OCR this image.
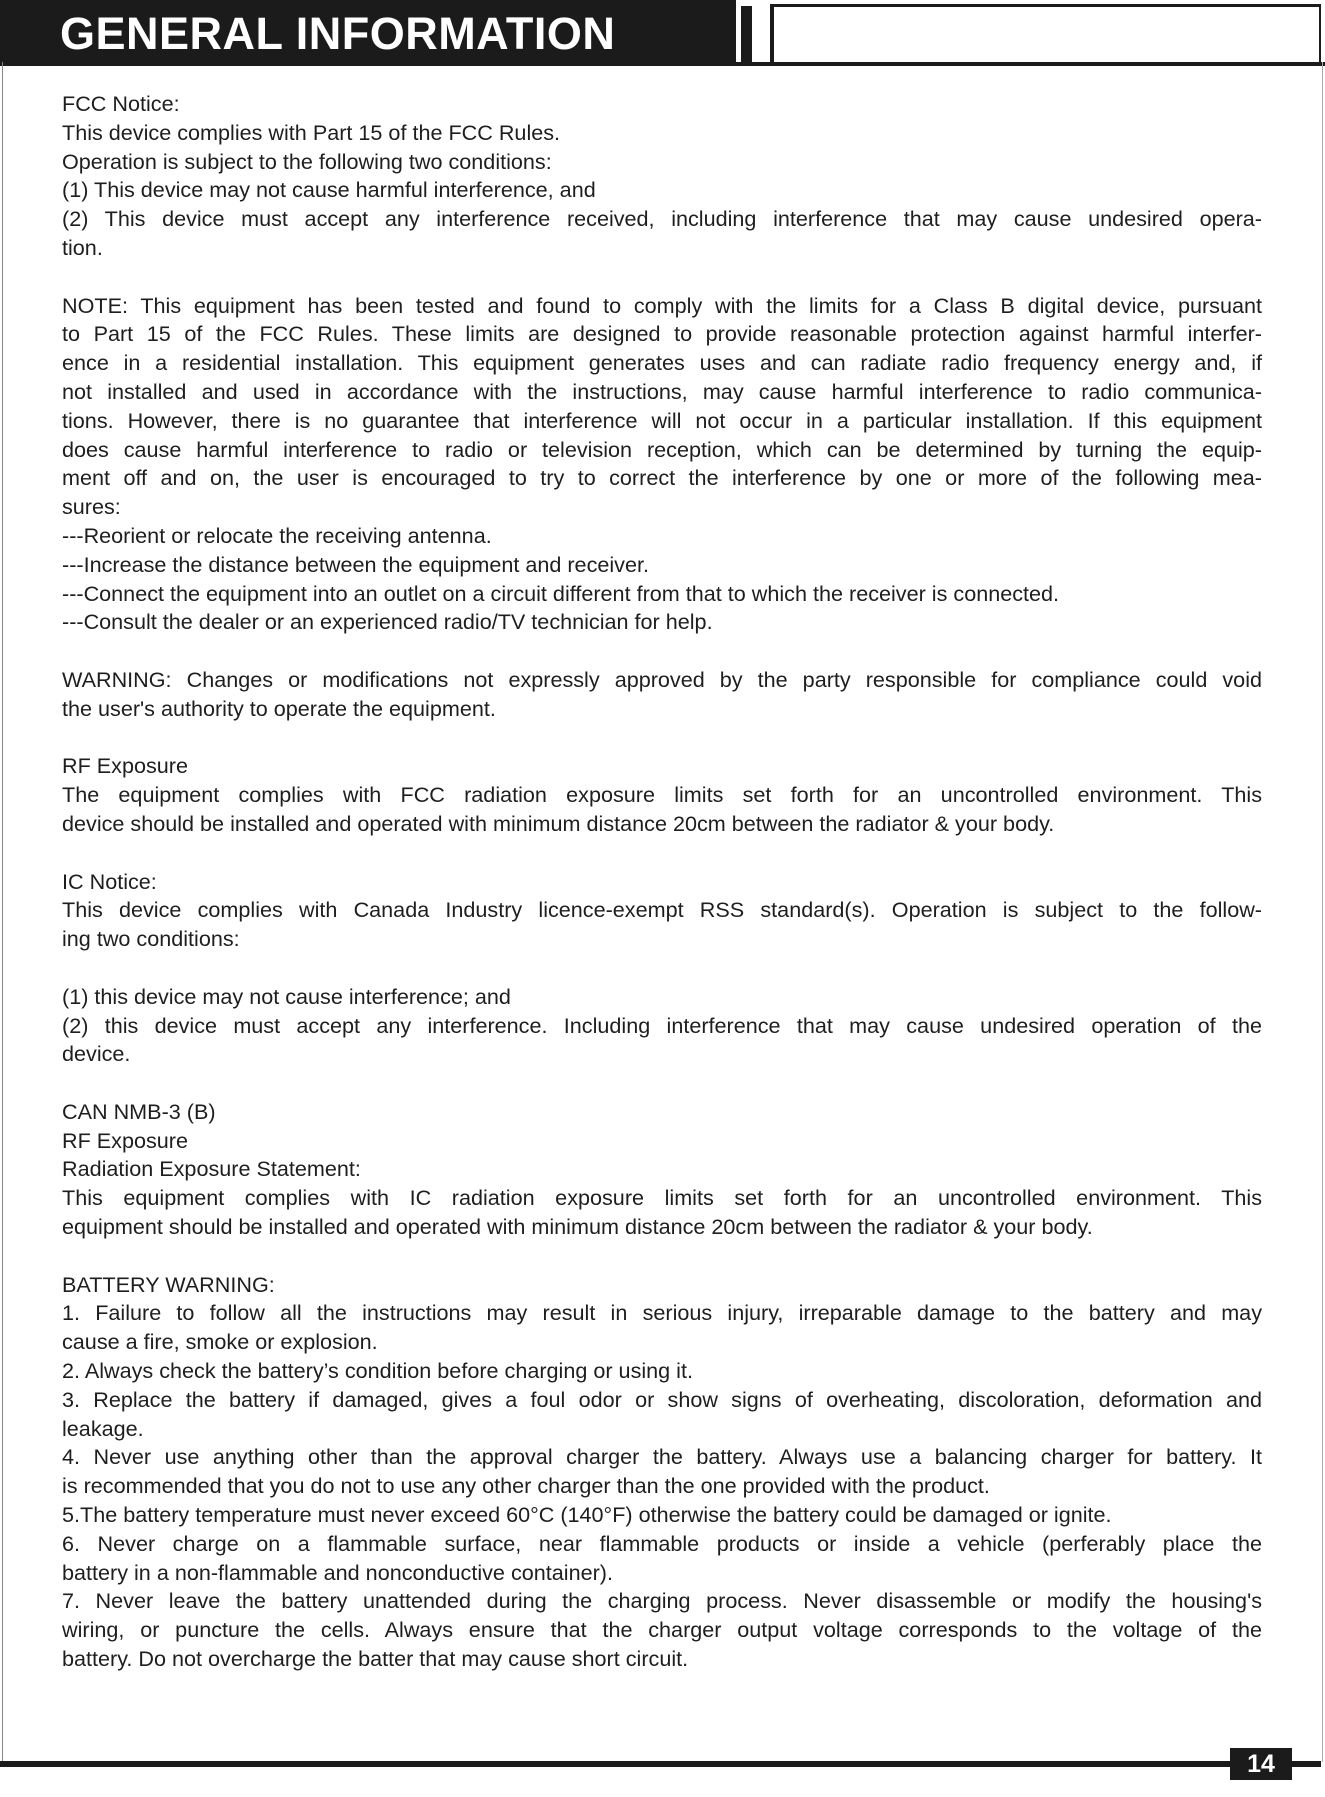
GENERAL INFORMATION
FCC Notice:
This device complies with Part 15 of the FCC Rules.
Operation is subject to the following two conditions:
(1) This device may not cause harmful interference, and
(2) This device must accept any interference received, including interference that may cause undesired opera-
tion.
NOTE: This equipment has been tested and found to comply with the limits for a Class B digital device, pursuant
to Part 15 of the FCC Rules. These limits are designed to provide reasonable protection against harmful interfer-
ence in a residential installation. This equipment generates uses and can radiate radio frequency energy and, if
not installed and used in accordance with the instructions, may cause harmful interference to radio communica-
tions. However, there is no guarantee that interference will not occur in a particular installation. If this equipment
does cause harmful interference to radio or television reception, which can be determined by turning the equip-
ment off and on, the user is encouraged to try to correct the interference by one or more of the following mea-
sures:
---Reorient or relocate the receiving antenna.
---Increase the distance between the equipment and receiver.
---Connect the equipment into an outlet on a circuit different from that to which the receiver is connected.
---Consult the dealer or an experienced radio/TV technician for help.
WARNING: Changes or modifications not expressly approved by the party responsible for compliance could void
the user's authority to operate the equipment.
RF Exposure
The equipment complies with FCC radiation exposure limits set forth for an uncontrolled environment. This
device should be installed and operated with minimum distance 20cm between the radiator & your body.
IC Notice:
This device complies with Canada Industry licence-exempt RSS standard(s). Operation is subject to the follow-
ing two conditions:
(1) this device may not cause interference; and
(2) this device must accept any interference. Including interference that may cause undesired operation of the
device.
CAN NMB-3 (B)
RF Exposure
Radiation Exposure Statement:
This equipment complies with IC radiation exposure limits set forth for an uncontrolled environment. This
equipment should be installed and operated with minimum distance 20cm between the radiator & your body.
BATTERY WARNING:
1. Failure to follow all the instructions may result in serious injury, irreparable damage to the battery and may
cause a fire, smoke or explosion.
2. Always check the battery’s condition before charging or using it.
3. Replace the battery if damaged, gives a foul odor or show signs of overheating, discoloration, deformation and
leakage.
4. Never use anything other than the approval charger the battery. Always use a balancing charger for battery. It
is recommended that you do not to use any other charger than the one provided with the product.
5.The battery temperature must never exceed 60°C (140°F) otherwise the battery could be damaged or ignite.
6. Never charge on a flammable surface, near flammable products or inside a vehicle (perferably place the
battery in a non-flammable and nonconductive container).
7. Never leave the battery unattended during the charging process. Never disassemble or modify the housing's
wiring, or puncture the cells. Always ensure that the charger output voltage corresponds to the voltage of the
battery. Do not overcharge the batter that may cause short circuit.
14
